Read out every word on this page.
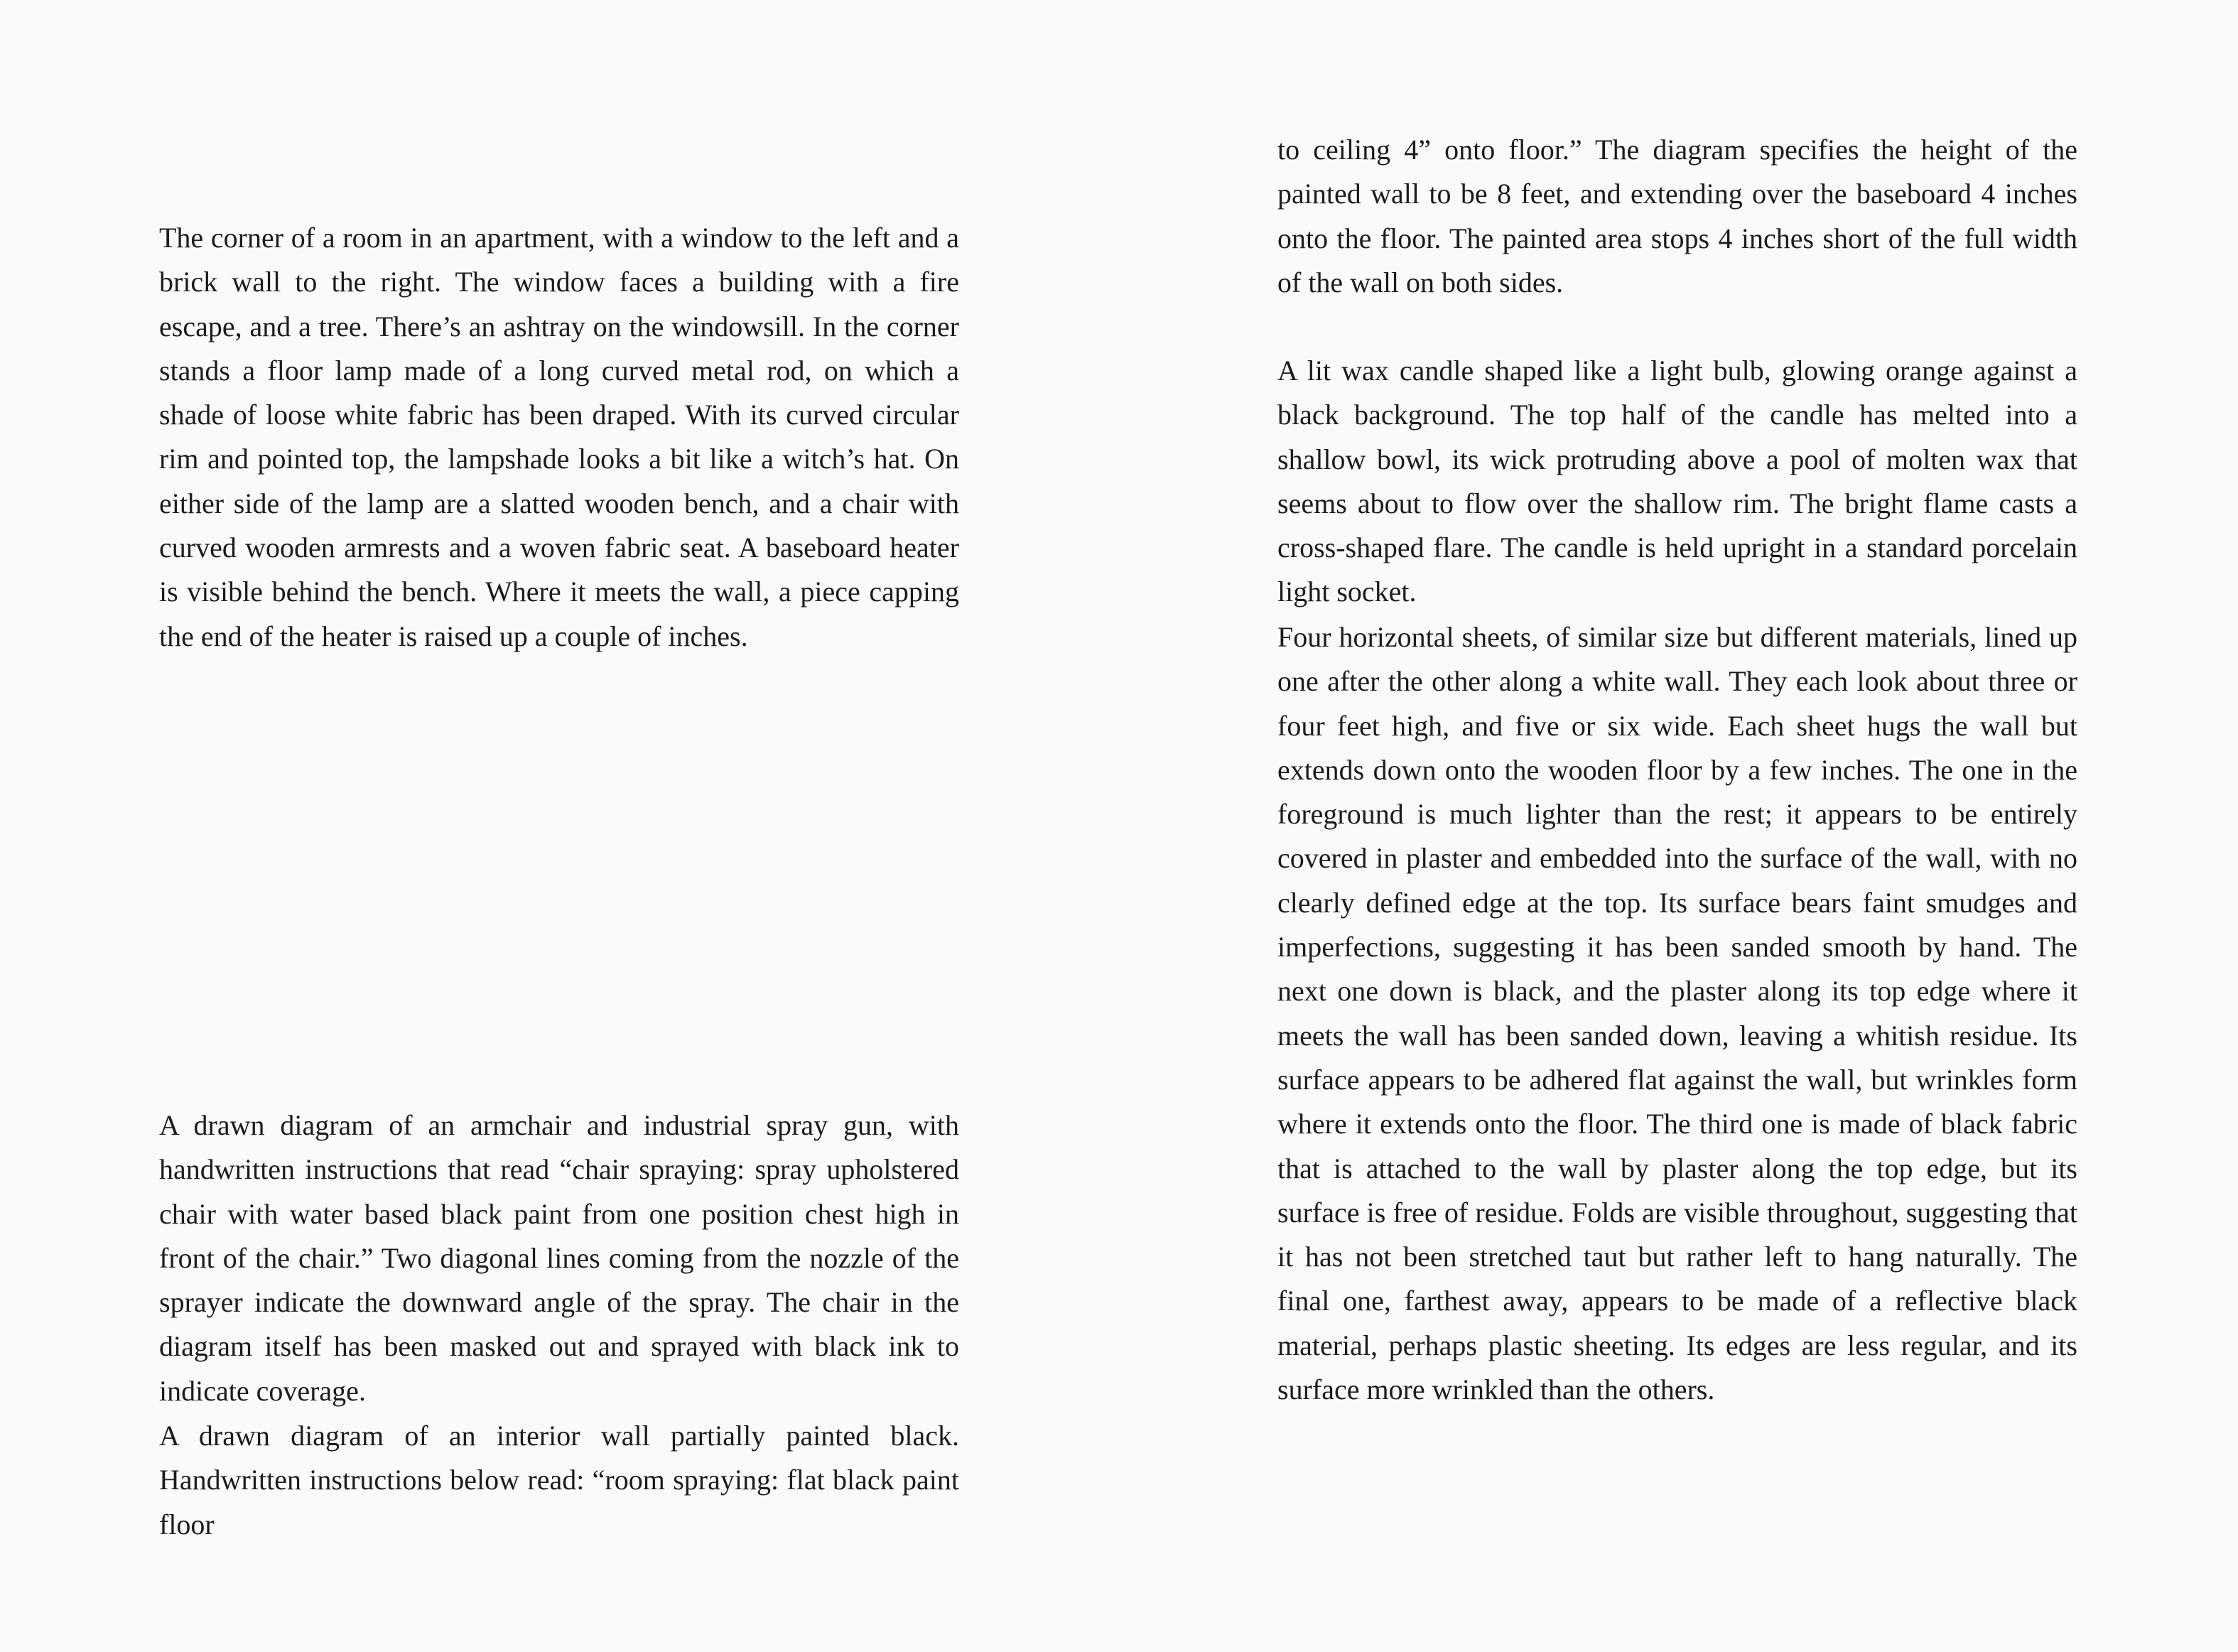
The corner of a room in an apartment, with a window to the left and a brick wall to the right. The window faces a building with a fire escape, and a tree. There’s an ashtray on the windowsill. In the corner stands a floor lamp made of a long curved metal rod, on which a shade of loose white fabric has been draped. With its curved circular rim and pointed top, the lampshade looks a bit like a witch’s hat. On either side of the lamp are a slatted wooden bench, and a chair with curved wooden armrests and a woven fabric seat. A baseboard heater is visible behind the bench. Where it meets the wall, a piece capping the end of the heater is raised up a couple of inches.

A drawn diagram of an armchair and industrial spray gun, with handwritten instructions that read “chair spraying: spray upholstered chair with water based black paint from one position chest high in front of the chair.” Two diagonal lines coming from the nozzle of the sprayer indicate the downward angle of the spray. The chair in the diagram itself has been masked out and sprayed with black ink to indicate coverage.

A drawn diagram of an interior wall partially painted black. Handwritten instructions below read: “room spraying: flat black paint floor

to ceiling 4” onto floor.” The diagram specifies the height of the painted wall to be 8 feet, and extending over the baseboard 4 inches onto the floor. The painted area stops 4 inches short of the full width of the wall on both sides.

A lit wax candle shaped like a light bulb, glowing orange against a black background. The top half of the candle has melted into a shallow bowl, its wick protruding above a pool of molten wax that seems about to flow over the shallow rim. The bright flame casts a cross-shaped flare. The candle is held upright in a standard porcelain light socket.

Four horizontal sheets, of similar size but different materials, lined up one after the other along a white wall. They each look about three or four feet high, and five or six wide. Each sheet hugs the wall but extends down onto the wooden floor by a few inches. The one in the foreground is much lighter than the rest; it appears to be entirely covered in plaster and embedded into the surface of the wall, with no clearly defined edge at the top. Its surface bears faint smudges and imperfections, suggesting it has been sanded smooth by hand. The next one down is black, and the plaster along its top edge where it meets the wall has been sanded down, leaving a whitish residue. Its surface appears to be adhered flat against the wall, but wrinkles form where it extends onto the floor. The third one is made of black fabric that is attached to the wall by plaster along the top edge, but its surface is free of residue. Folds are visible throughout, suggesting that it has not been stretched taut but rather left to hang naturally. The final one, farthest away, appears to be made of a reflective black material, perhaps plastic sheeting. Its edges are less regular, and its surface more wrinkled than the others.
